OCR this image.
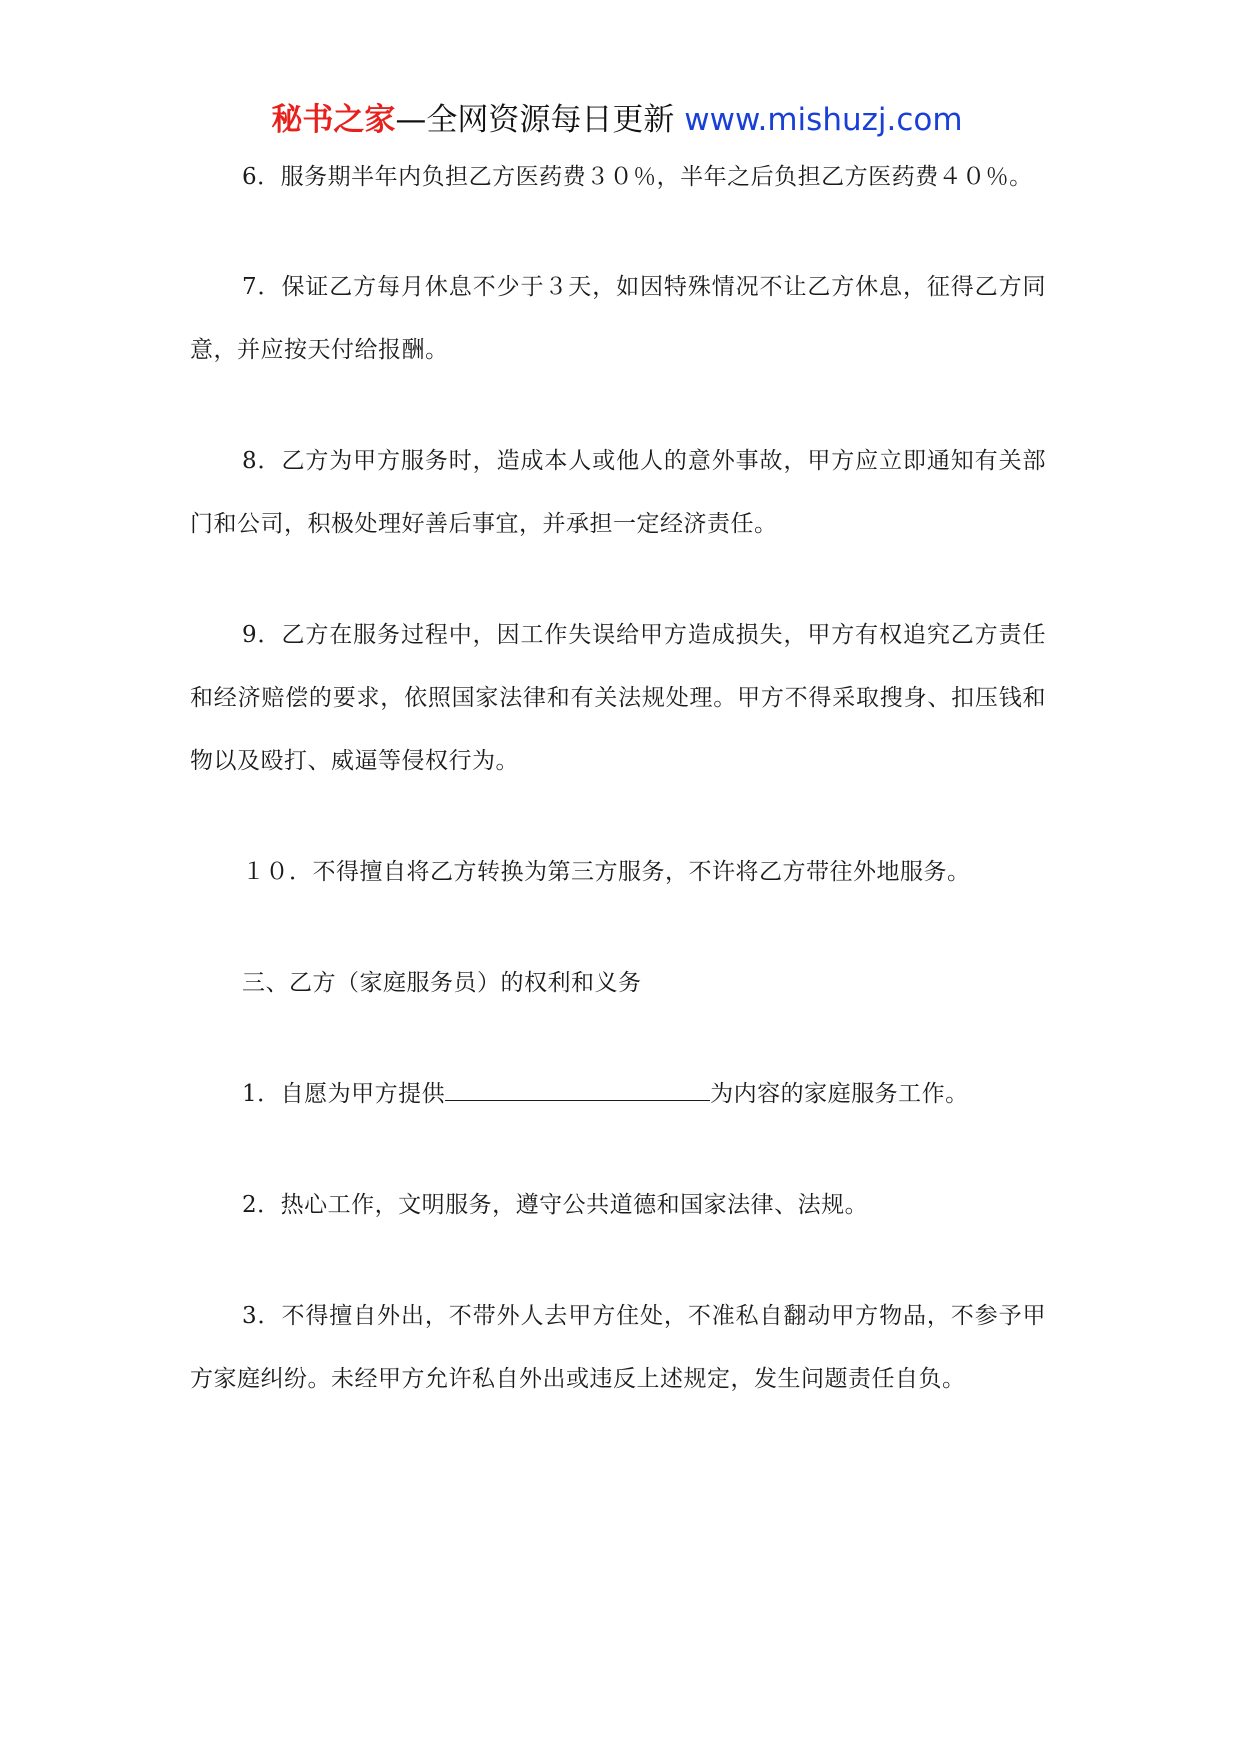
秘书之家—全网资源每日更新 www.mishuzj.com

6．服务期半年内负担乙方医药费３０％，半年之后负担乙方医药费４０％。

7．保证乙方每月休息不少于３天，如因特殊情况不让乙方休息，征得乙方同意，并应按天付给报酬。

8．乙方为甲方服务时，造成本人或他人的意外事故，甲方应立即通知有关部门和公司，积极处理好善后事宜，并承担一定经济责任。

9．乙方在服务过程中，因工作失误给甲方造成损失，甲方有权追究乙方责任和经济赔偿的要求，依照国家法律和有关法规处理。甲方不得采取搜身、扣压钱和物以及殴打、威逼等侵权行为。

１０．不得擅自将乙方转换为第三方服务，不许将乙方带往外地服务。

三、乙方（家庭服务员）的权利和义务

1．自愿为甲方提供	为内容的家庭服务工作。

2．热心工作，文明服务，遵守公共道德和国家法律、法规。

3．不得擅自外出，不带外人去甲方住处，不准私自翻动甲方物品，不参予甲方家庭纠纷。未经甲方允许私自外出或违反上述规定，发生问题责任自负。
